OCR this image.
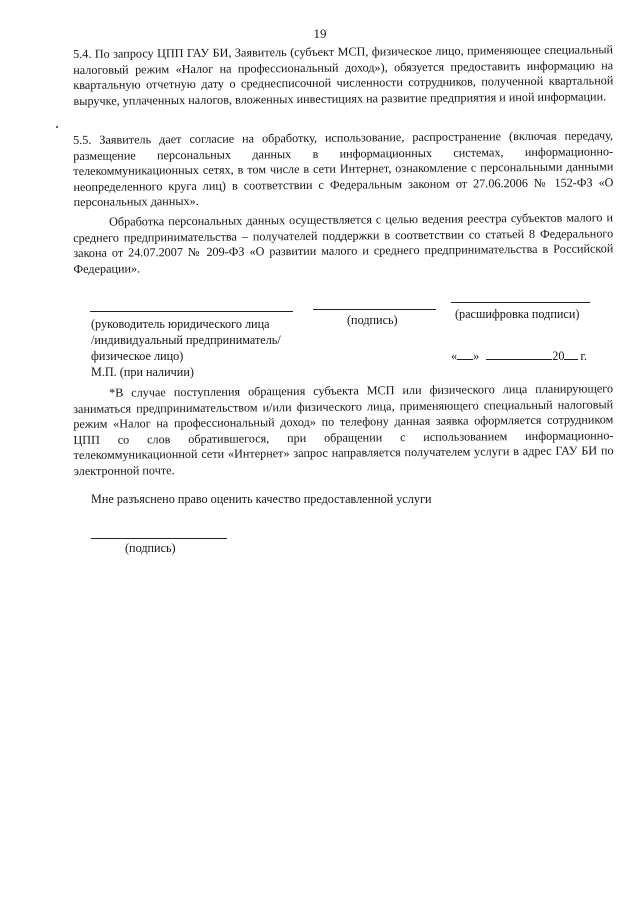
19

5.4. По запросу ЦПП ГАУ БИ, Заявитель (субъект МСП, физическое лицо, применяющее специальный налоговый режим «Налог на профессиональный доход»), обязуется предоставить информацию на квартальную отчетную дату о среднесписочной численности сотрудников, полученной квартальной выручке, уплаченных налогов, вложенных инвестициях на развитие предприятия и иной информации.

5.5. Заявитель дает согласие на обработку, использование, распространение (включая передачу, размещение персональных данных в информационных системах, информационно-телекоммуникационных сетях, в том числе в сети Интернет, ознакомление с персональными данными неопределенного круга лиц) в соответствии с Федеральным законом от 27.06.2006 № 152-ФЗ «О персональных данных».

Обработка персональных данных осуществляется с целью ведения реестра субъектов малого и среднего предпринимательства – получателей поддержки в соответствии со статьей 8 Федерального закона от 24.07.2007 № 209-ФЗ «О развитии малого и среднего предпринимательства в Российской Федерации».

(руководитель юридического лица
/индивидуальный предприниматель/
физическое лицо)
М.П. (при наличии)
(подпись)	(расшифровка подписи)
« »	20 г.

*В случае поступления обращения субъекта МСП или физического лица планирующего заниматься предпринимательством и/или физического лица, применяющего специальный налоговый режим «Налог на профессиональный доход» по телефону данная заявка оформляется сотрудником ЦПП со слов обратившегося, при обращении с использованием информационно-телекоммуникационной сети «Интернет» запрос направляется получателем услуги в адрес ГАУ БИ по электронной почте.

Мне разъяснено право оценить качество предоставленной услуги
(подпись)
